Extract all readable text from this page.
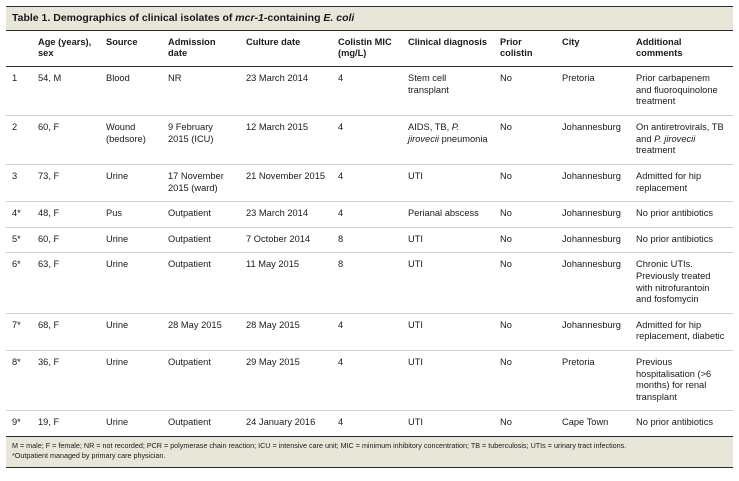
Table 1. Demographics of clinical isolates of mcr-1-containing E. coli
	Age (years), sex	Source	Admission date	Culture date	Colistin MIC (mg/L)	Clinical diagnosis	Prior colistin	City	Additional comments
1	54, M	Blood	NR	23 March 2014	4	Stem cell transplant	No	Pretoria	Prior carbapenem and fluoroquinolone treatment
2	60, F	Wound (bedsore)	9 February 2015 (ICU)	12 March 2015	4	AIDS, TB, P. jirovecii pneumonia	No	Johannesburg	On antiretrovirals, TB and P. jirovecii treatment
3	73, F	Urine	17 November 2015 (ward)	21 November 2015	4	UTI	No	Johannesburg	Admitted for hip replacement
4*	48, F	Pus	Outpatient	23 March 2014	4	Perianal abscess	No	Johannesburg	No prior antibiotics
5*	60, F	Urine	Outpatient	7 October 2014	8	UTI	No	Johannesburg	No prior antibiotics
6*	63, F	Urine	Outpatient	11 May 2015	8	UTI	No	Johannesburg	Chronic UTIs. Previously treated with nitrofurantoin and fosfomycin
7*	68, F	Urine	28 May 2015	28 May 2015	4	UTI	No	Johannesburg	Admitted for hip replacement, diabetic
8*	36, F	Urine	Outpatient	29 May 2015	4	UTI	No	Pretoria	Previous hospitalisation (>6 months) for renal transplant
9*	19, F	Urine	Outpatient	24 January 2016	4	UTI	No	Cape Town	No prior antibiotics
M = male; F = female; NR = not recorded; PCR = polymerase chain reaction; ICU = intensive care unit; MIC = minimum inhibitory concentration; TB = tuberculosis; UTIs = urinary tract infections.
*Outpatient managed by primary care physician.
